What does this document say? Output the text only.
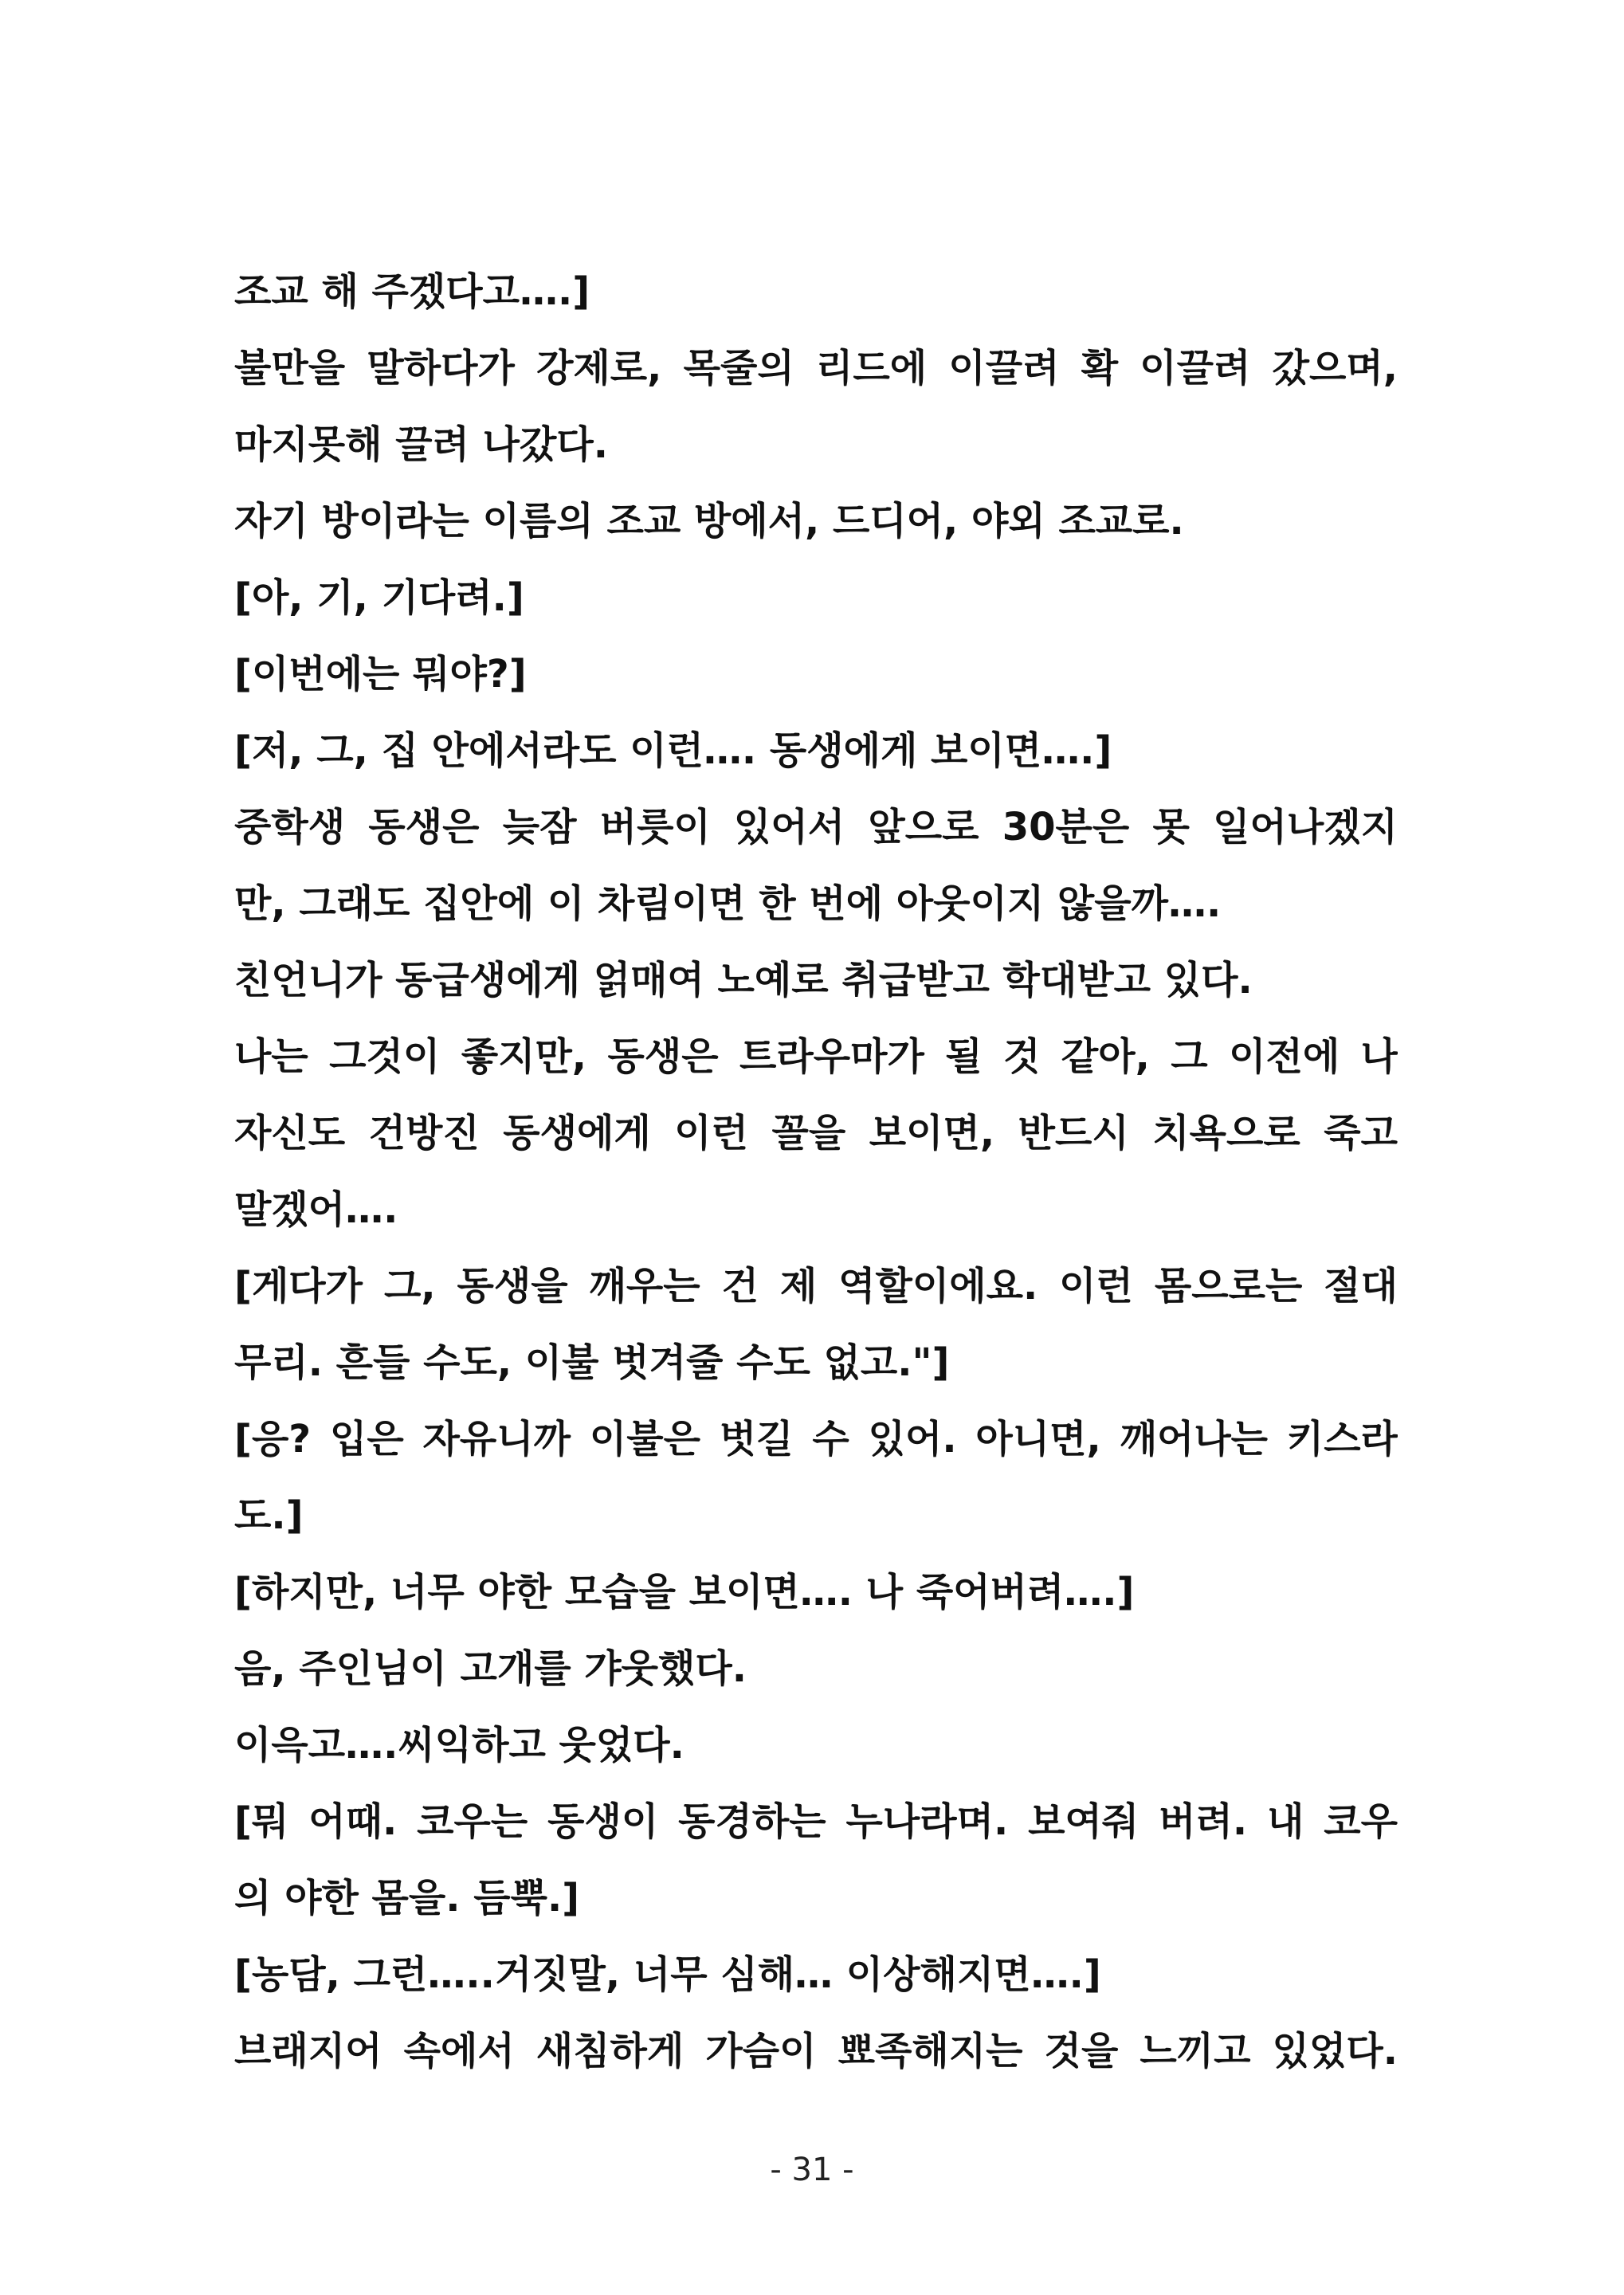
조교 해 주겠다고….]
불만을 말하다가 강제로, 목줄의 리드에 이끌려 확 이끌려 갔으며,
마지못해 끌려 나갔다.
자기 방이라는 이름의 조교 방에서, 드디어, 야외 조교로.
[아, 기, 기다려.]
[이번에는 뭐야?]
[저, 그, 집 안에서라도 이런…. 동생에게 보이면….]
중학생 동생은 늦잠 버릇이 있어서 앞으로 30분은 못 일어나겠지
만, 그래도 집안에 이 차림이면 한 번에 아웃이지 않을까….
친언니가 동급생에게 얽매여 노예로 취급받고 학대받고 있다.
나는 그것이 좋지만, 동생은 트라우마가 될 것 같아, 그 이전에 나
자신도 건방진 동생에게 이런 꼴을 보이면, 반드시 치욕으로 죽고
말겠어….
[게다가 그, 동생을 깨우는 건 제 역할이에요. 이런 몸으로는 절대
무리. 흔들 수도, 이불 벗겨줄 수도 없고."]
[응? 입은 자유니까 이불은 벗길 수 있어. 아니면, 깨어나는 키스라
도.]
[하지만, 너무 야한 모습을 보이면…. 나 죽어버려….]
음, 주인님이 고개를 갸웃했다.
이윽고….씨익하고 웃었다.
[뭐 어때. 코우는 동생이 동경하는 누나라며. 보여줘 버려. 내 코우
의 야한 몸을. 듬뿍.]
[농담, 그런…..거짓말, 너무 심해… 이상해지면….]
브래지어 속에서 새침하게 가슴이 뾰족해지는 것을 느끼고 있었다.
- 31 -
